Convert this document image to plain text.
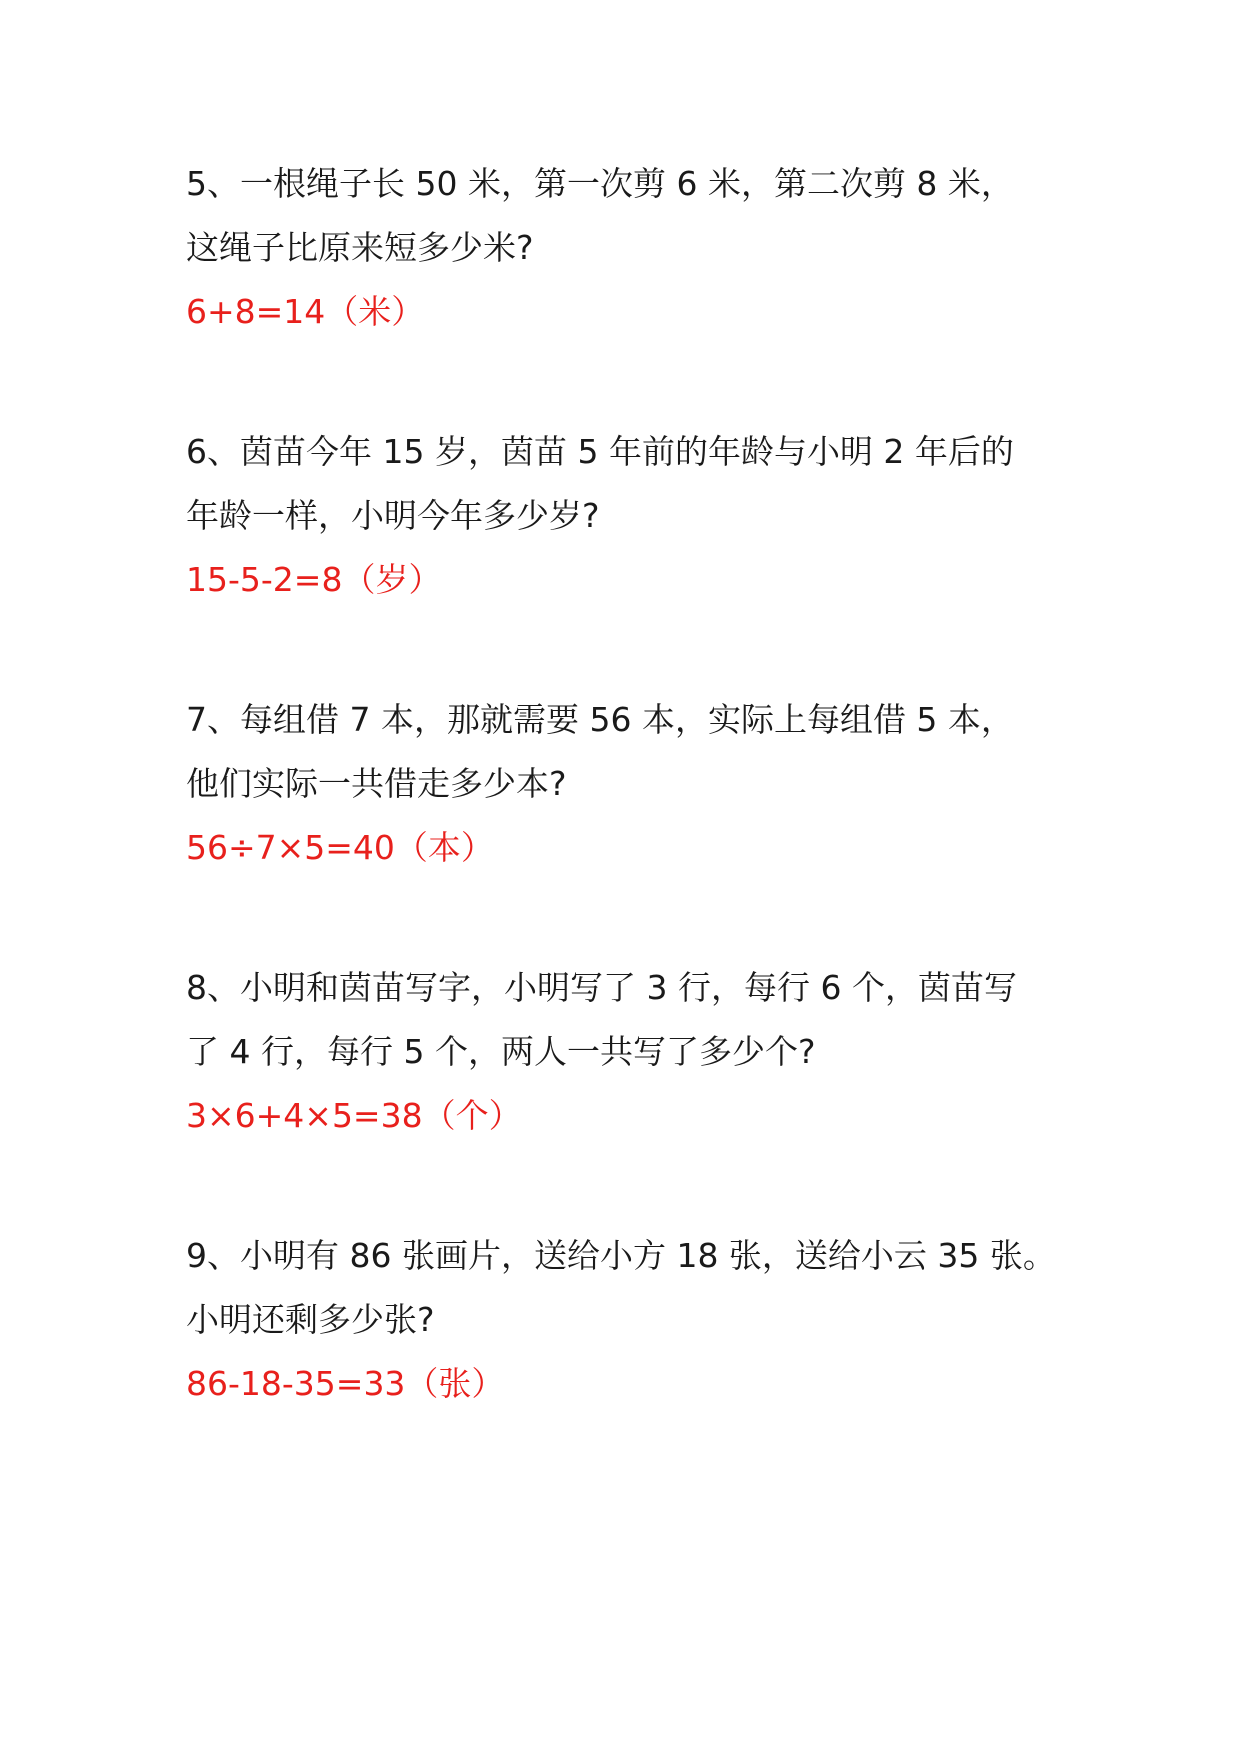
5、一根绳子长 50 米，第一次剪 6 米，第二次剪 8 米，
这绳子比原来短多少米?
6+8=14（米）
6、茵苗今年 15 岁，茵苗 5 年前的年龄与小明 2 年后的
年龄一样，小明今年多少岁?
15-5-2=8（岁）
7、每组借 7 本，那就需要 56 本，实际上每组借 5 本，
他们实际一共借走多少本?
56÷7×5=40（本）
8、小明和茵苗写字，小明写了 3 行，每行 6 个，茵苗写
了 4 行，每行 5 个，两人一共写了多少个?
3×6+4×5=38（个）
9、小明有 86 张画片，送给小方 18 张，送给小云 35 张。
小明还剩多少张?
86-18-35=33（张）
